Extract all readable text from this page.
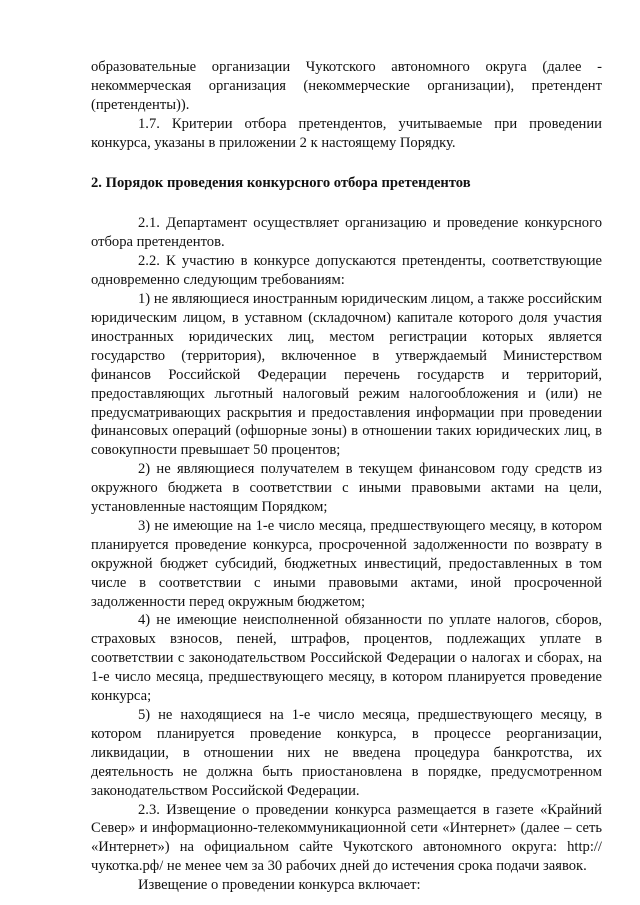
образовательные организации Чукотского автономного округа (далее - некоммерческая организация (некоммерческие организации), претендент (претенденты)).

1.7. Критерии отбора претендентов, учитываемые при проведении конкурса, указаны в приложении 2 к настоящему Порядку.

2. Порядок проведения конкурсного отбора претендентов

2.1. Департамент осуществляет организацию и проведение конкурсного отбора претендентов.

2.2. К участию в конкурсе допускаются претенденты, соответствующие одновременно следующим требованиям:

1) не являющиеся иностранным юридическим лицом, а также российским юридическим лицом, в уставном (складочном) капитале которого доля участия иностранных юридических лиц, местом регистрации которых является государство (территория), включенное в утверждаемый Министерством финансов Российской Федерации перечень государств и территорий, предоставляющих льготный налоговый режим налогообложения и (или) не предусматривающих раскрытия и предоставления информации при проведении финансовых операций (офшорные зоны) в отношении таких юридических лиц, в совокупности превышает 50 процентов;

2) не являющиеся получателем в текущем финансовом году средств из окружного бюджета в соответствии с иными правовыми актами на цели, установленные настоящим Порядком;

3) не имеющие на 1-е число месяца, предшествующего месяцу, в котором планируется проведение конкурса, просроченной задолженности по возврату в окружной бюджет субсидий, бюджетных инвестиций, предоставленных в том числе в соответствии с иными правовыми актами, иной просроченной задолженности перед окружным бюджетом;

4) не имеющие неисполненной обязанности по уплате налогов, сборов, страховых взносов, пеней, штрафов, процентов, подлежащих уплате в соответствии с законодательством Российской Федерации о налогах и сборах, на 1-е число месяца, предшествующего месяцу, в котором планируется проведение конкурса;

5) не находящиеся на 1-е число месяца, предшествующего месяцу, в котором планируется проведение конкурса, в процессе реорганизации, ликвидации, в отношении них не введена процедура банкротства, их деятельность не должна быть приостановлена в порядке, предусмотренном законодательством Российской Федерации.

2.3. Извещение о проведении конкурса размещается в газете «Крайний Север» и информационно-телекоммуникационной сети «Интернет» (далее – сеть «Интернет») на официальном сайте Чукотского автономного округа: http://чукотка.рф/ не менее чем за 30 рабочих дней до истечения срока подачи заявок.

Извещение о проведении конкурса включает:
